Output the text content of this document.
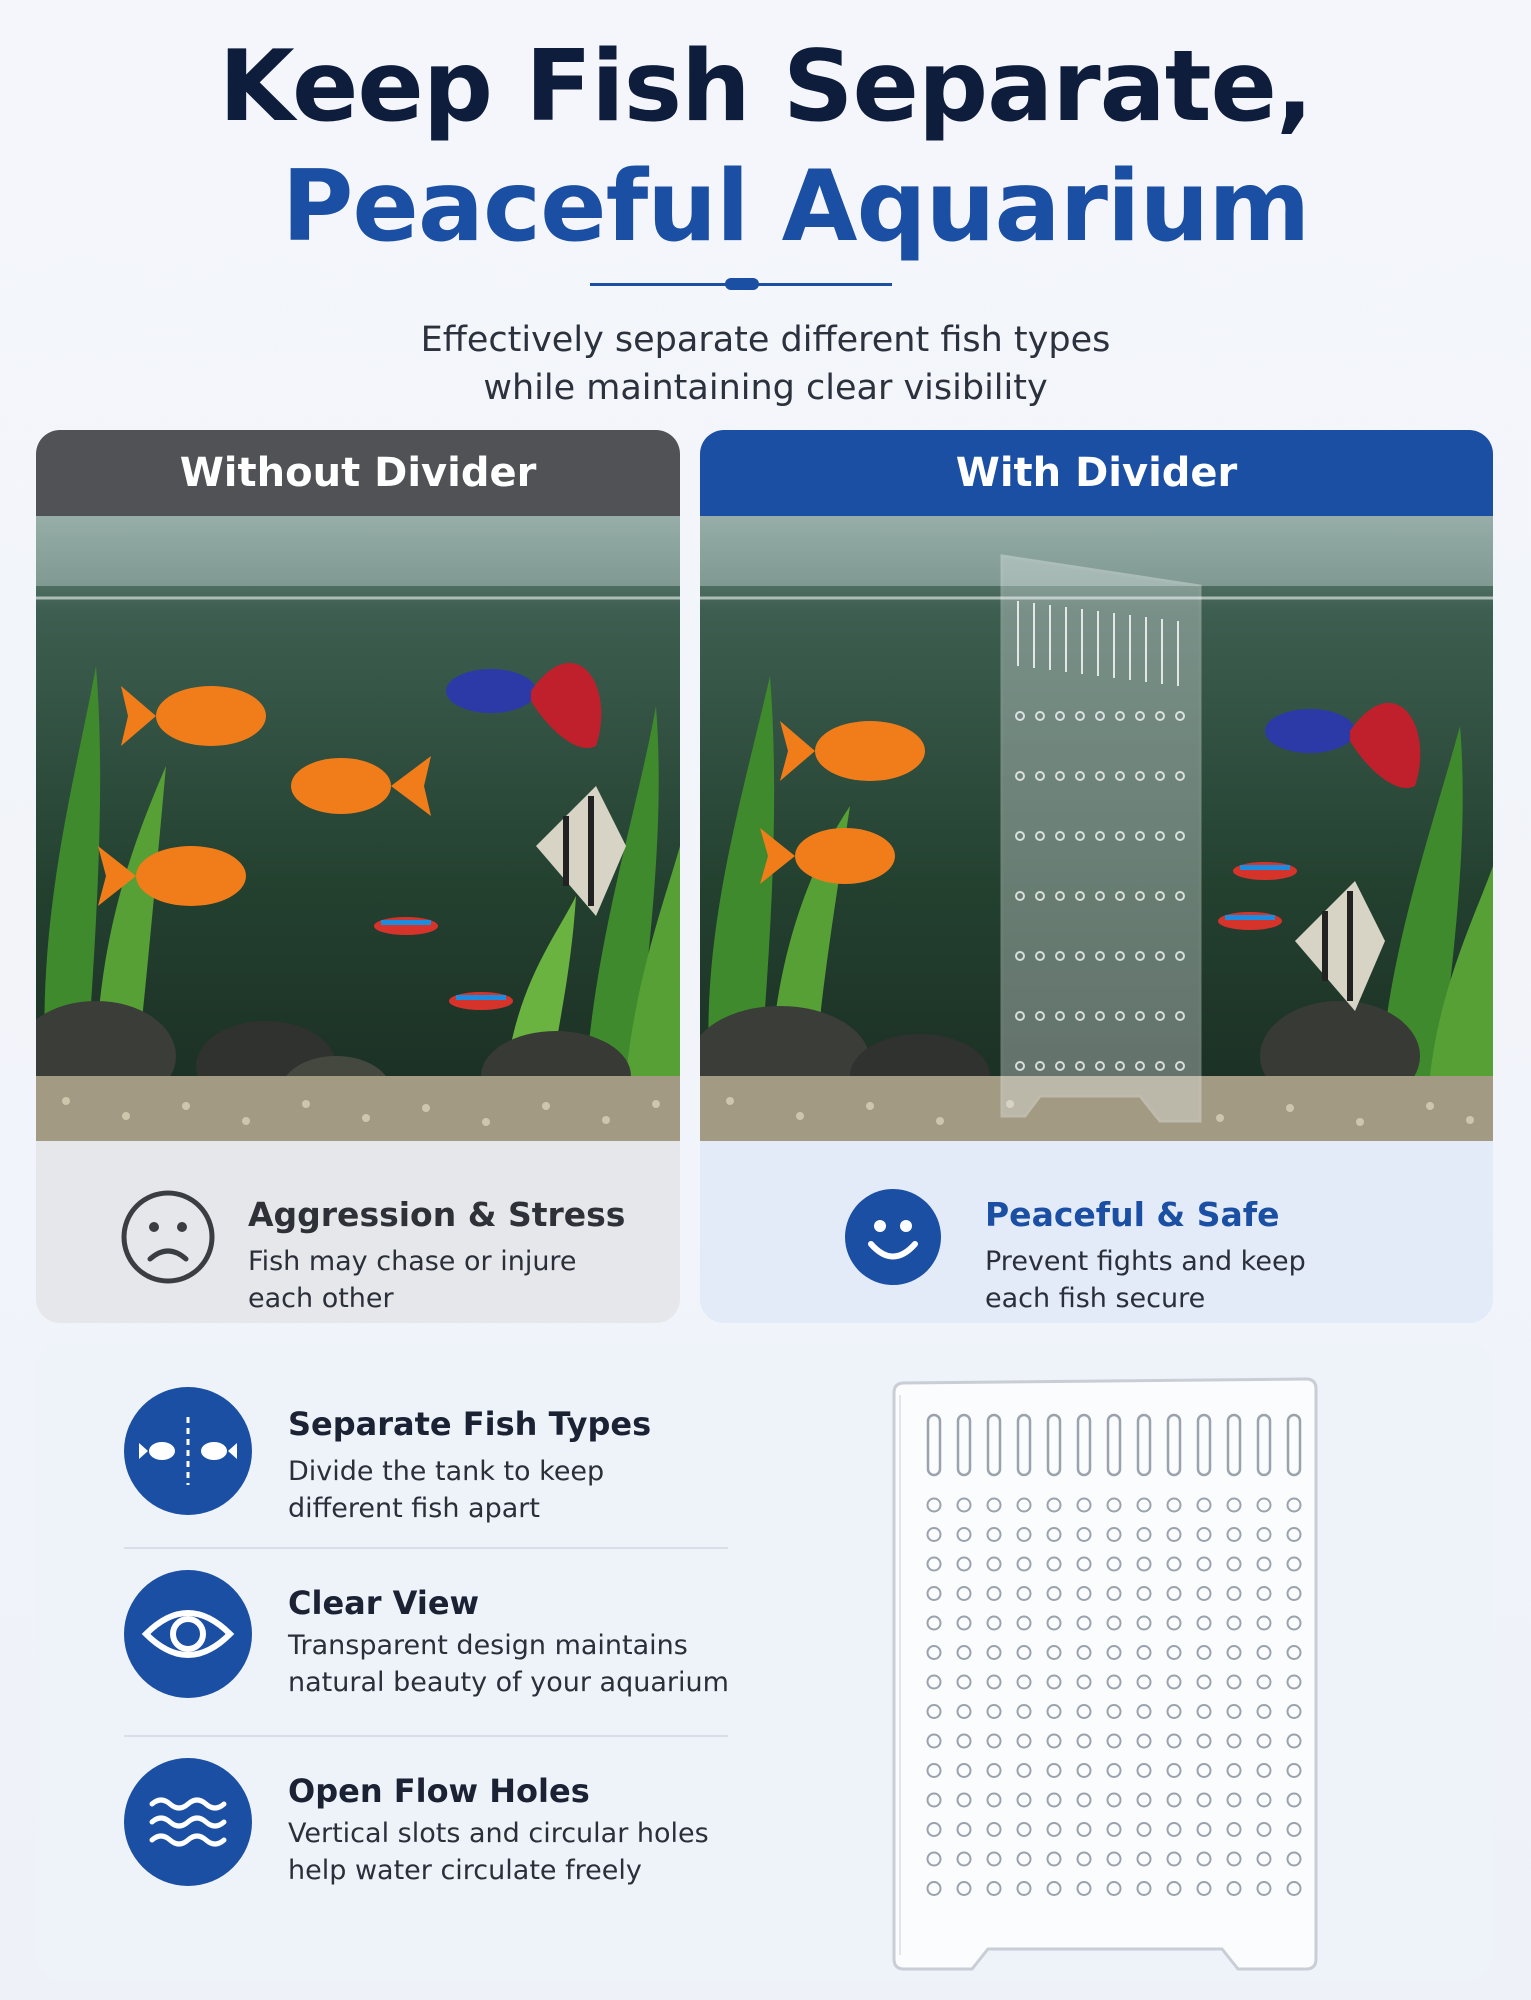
Keep Fish Separate,
Peaceful Aquarium
Effectively separate different fish types
while maintaining clear visibility
Without Divider
Aggression & Stress
Fish may chase or injure
each other
With Divider
Peaceful & Safe
Prevent fights and keep
each fish secure
Separate Fish Types
Divide the tank to keep
different fish apart
Clear View
Transparent design maintains
natural beauty of your aquarium
Open Flow Holes
Vertical slots and circular holes
help water circulate freely
